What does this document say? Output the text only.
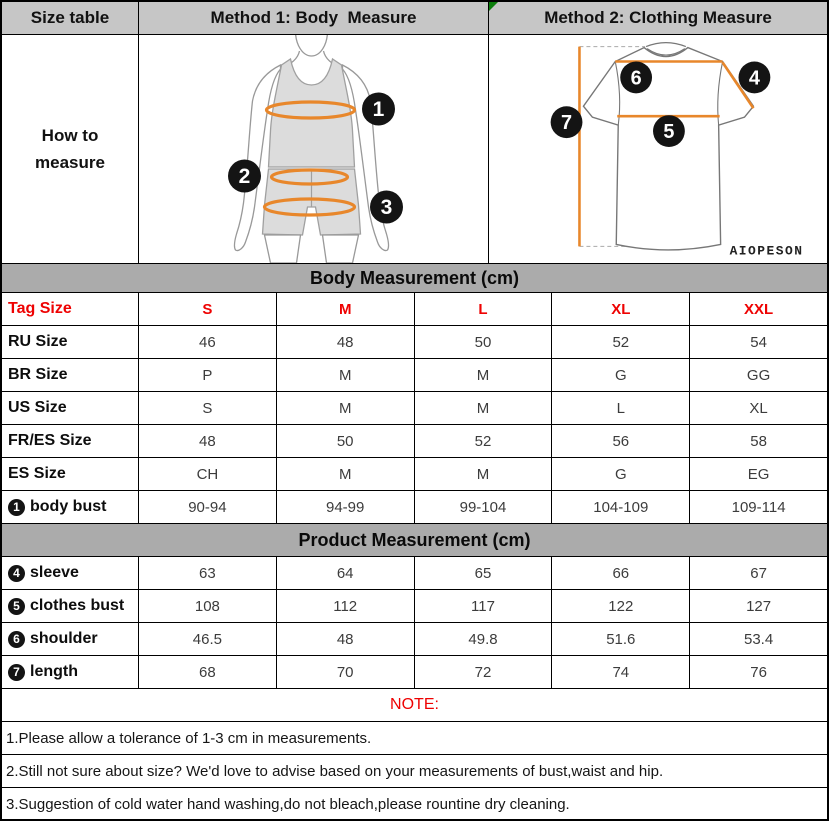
Size table	Method 1: Body  Measure	Method 2: Clothing Measure
How to measure
1
2
3
6	4
5
7
AIOPESON
Body Measurement (cm)
Tag Size	S	M	L	XL	XXL
RU Size	46	48	50	52	54
BR Size	P	M	M	G	GG
US Size	S	M	M	L	XL
FR/ES Size	48	50	52	56	58
ES Size	CH	M	M	G	EG
1 body bust	90-94	94-99	99-104	104-109	109-114
Product Measurement (cm)
4 sleeve	63	64	65	66	67
5 clothes bust	108	112	117	122	127
6 shoulder	46.5	48	49.8	51.6	53.4
7 length	68	70	72	74	76
NOTE:
1.Please allow a tolerance of 1-3 cm in measurements.
2.Still not sure about size? We'd love to advise based on your measurements of bust,waist and hip.
3.Suggestion of cold water hand washing,do not bleach,please rountine dry cleaning.
